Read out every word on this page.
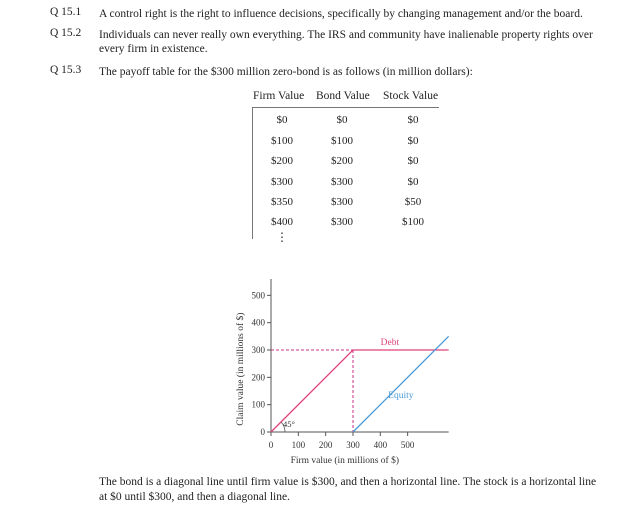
Q 15.1 A control right is the right to influence decisions, specifically by changing management and/or the board.
Q 15.2 Individuals can never really own everything. The IRS and community have inalienable property rights over
every firm in existence.
Q 15.3 The payoff table for the $300 million zero-bond is as follows (in million dollars):
Firm Value Bond Value Stock Value
$0	$0	$0
$100	$100	$0
$200	$200	$0
$300	$300	$0
$350	$300	$50
$400	$300	$100
⋮
0
100
200
300
400
500
0 100 200 300 400 500
Firm value (in millions of $)
Claim value (in millions of $)	Debt
Equity
45°
The bond is a diagonal line until firm value is $300, and then a horizontal line. The stock is a horizontal line
at $0 until $300, and then a diagonal line.
